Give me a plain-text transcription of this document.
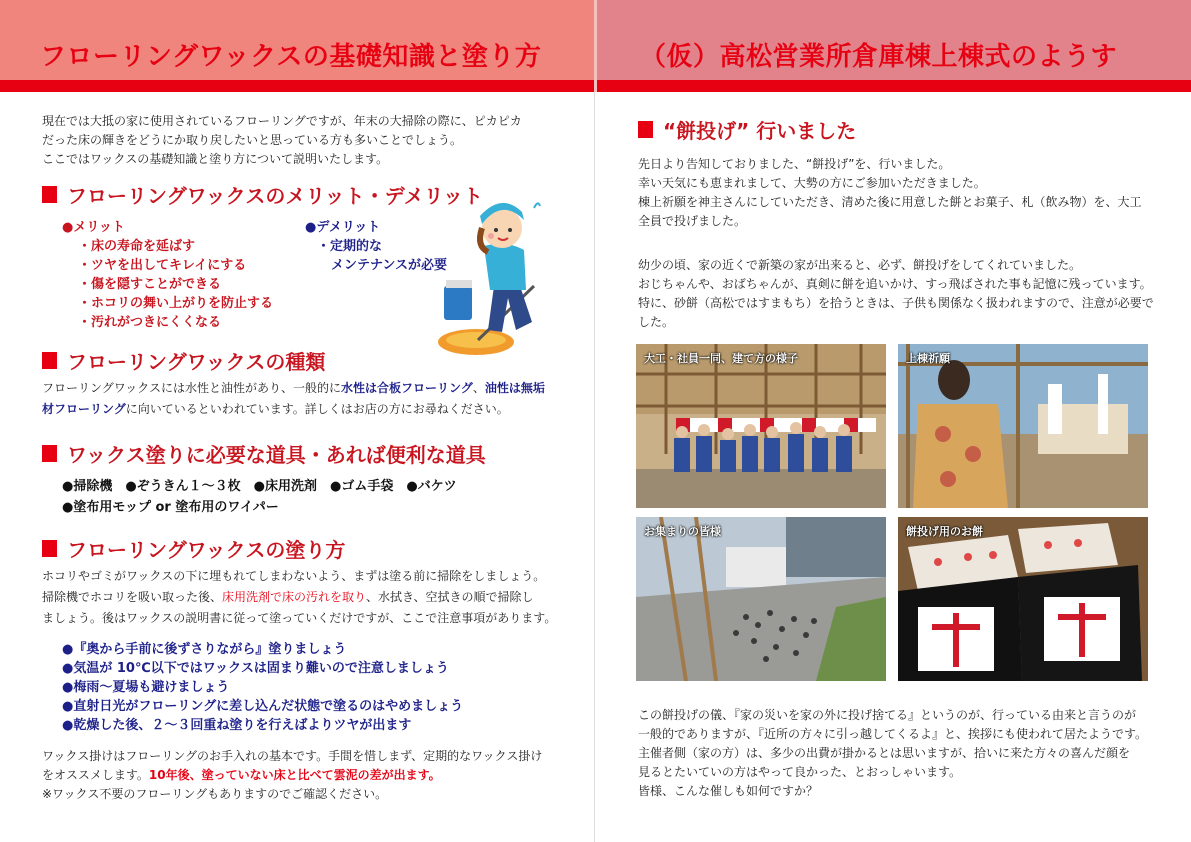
フローリングワックスの基礎知識と塗り方	（仮）高松営業所倉庫棟上棟式のようす
現在では大抵の家に使用されているフローリングですが、年末の大掃除の際に、ピカピカ
だった床の輝きをどうにか取り戻したいと思っている方も多いことでしょう。
ここではワックスの基礎知識と塗り方について説明いたします。
フローリングワックスのメリット・デメリット
●メリット
・床の寿命を延ばす
・ツヤを出してキレイにする
・傷を隠すことができる
・ホコリの舞い上がりを防止する
・汚れがつきにくくなる
●デメリット
・定期的な
メンテナンスが必要
フローリングワックスの種類
フローリングワックスには水性と油性があり、一般的に水性は合板フローリング、油性は無垢
材フローリングに向いているといわれています。詳しくはお店の方にお尋ねください。
ワックス塗りに必要な道具・あれば便利な道具
●掃除機　●ぞうきん１～３枚　●床用洗剤　●ゴム手袋　●バケツ
●塗布用モップ or 塗布用のワイパー
フローリングワックスの塗り方
ホコリやゴミがワックスの下に埋もれてしまわないよう、まずは塗る前に掃除をしましょう。
掃除機でホコリを吸い取った後、床用洗剤で床の汚れを取り、水拭き、空拭きの順で掃除し
ましょう。後はワックスの説明書に従って塗っていくだけですが、ここで注意事項があります。
●『奥から手前に後ずさりながら』塗りましょう
●気温が 10℃以下ではワックスは固まり難いので注意しましょう
●梅雨～夏場も避けましょう
●直射日光がフローリングに差し込んだ状態で塗るのはやめましょう
●乾燥した後、２～３回重ね塗りを行えばよりツヤが出ます
ワックス掛けはフローリングのお手入れの基本です。手間を惜しまず、定期的なワックス掛け
をオススメします。10年後、塗っていない床と比べて雲泥の差が出ます。
※ワックス不要のフローリングもありますのでご確認ください。
“餅投げ” 行いました
先日より告知しておりました、“餅投げ”を、行いました。
幸い天気にも恵まれまして、大勢の方にご参加いただきました。
棟上祈願を神主さんにしていただき、清めた後に用意した餅とお菓子、札（飲み物）を、大工
全員で投げました。
幼少の頃、家の近くで新築の家が出来ると、必ず、餅投げをしてくれていました。
おじちゃんや、おばちゃんが、真剣に餅を追いかけ、すっ飛ばされた事も記憶に残っています。
特に、砂餅（高松ではすまもち）を拾うときは、子供も関係なく扱われますので、注意が必要で
した。
大工・社員一同、建て方の様子	上棟祈願
お集まりの皆様	餅投げ用のお餅
この餅投げの儀、『家の災いを家の外に投げ捨てる』というのが、行っている由来と言うのが
一般的でありますが、『近所の方々に引っ越してくるよ』と、挨拶にも使われて居たようです。
主催者側（家の方）は、多少の出費が掛かるとは思いますが、拾いに来た方々の喜んだ顔を
見るとたいていの方はやって良かった、とおっしゃいます。
皆様、こんな催しも如何ですか？
